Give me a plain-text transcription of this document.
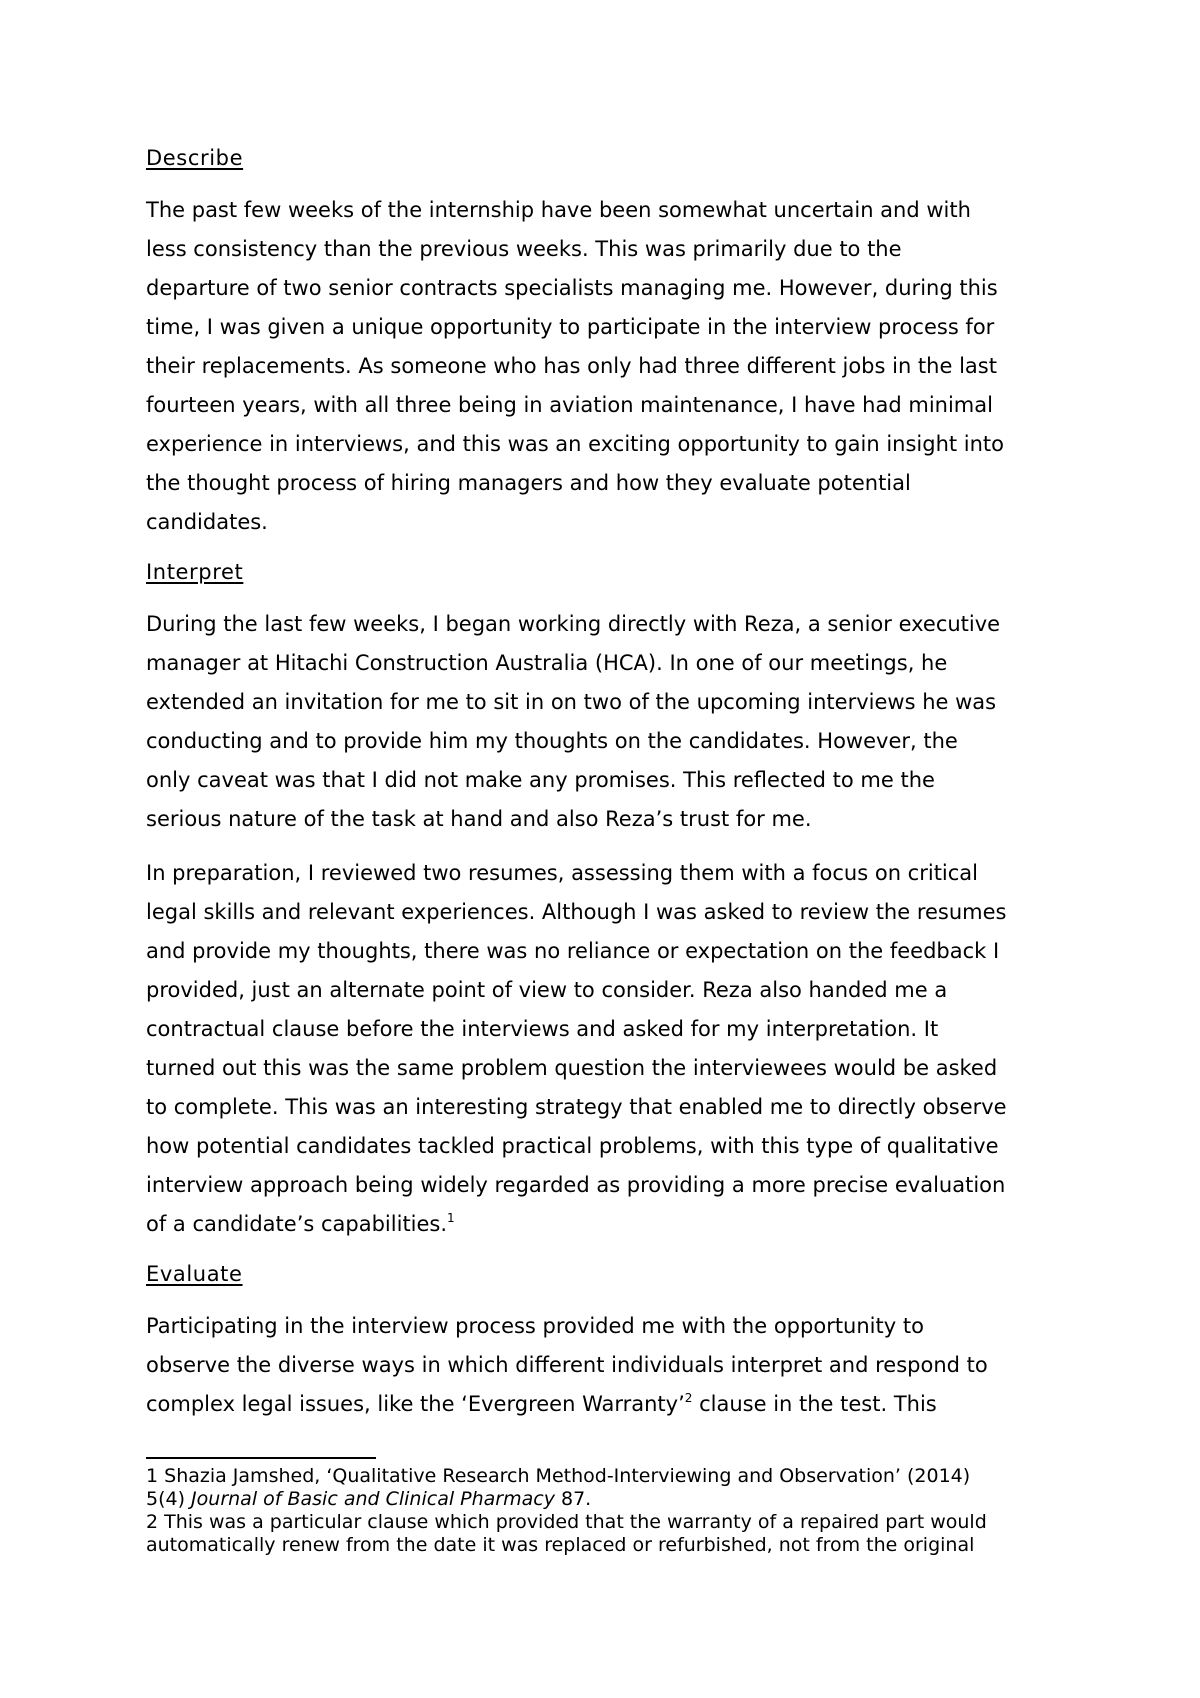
Describe
The past few weeks of the internship have been somewhat uncertain and with
less consistency than the previous weeks. This was primarily due to the
departure of two senior contracts specialists managing me. However, during this
time, I was given a unique opportunity to participate in the interview process for
their replacements. As someone who has only had three different jobs in the last
fourteen years, with all three being in aviation maintenance, I have had minimal
experience in interviews, and this was an exciting opportunity to gain insight into
the thought process of hiring managers and how they evaluate potential
candidates.
Interpret
During the last few weeks, I began working directly with Reza, a senior executive
manager at Hitachi Construction Australia (HCA). In one of our meetings, he
extended an invitation for me to sit in on two of the upcoming interviews he was
conducting and to provide him my thoughts on the candidates. However, the
only caveat was that I did not make any promises. This reflected to me the
serious nature of the task at hand and also Reza’s trust for me.
In preparation, I reviewed two resumes, assessing them with a focus on critical
legal skills and relevant experiences. Although I was asked to review the resumes
and provide my thoughts, there was no reliance or expectation on the feedback I
provided, just an alternate point of view to consider. Reza also handed me a
contractual clause before the interviews and asked for my interpretation. It
turned out this was the same problem question the interviewees would be asked
to complete. This was an interesting strategy that enabled me to directly observe
how potential candidates tackled practical problems, with this type of qualitative
interview approach being widely regarded as providing a more precise evaluation
of a candidate’s capabilities.$^1$
Evaluate
Participating in the interview process provided me with the opportunity to
observe the diverse ways in which different individuals interpret and respond to
complex legal issues, like the ‘Evergreen Warranty’$^2$ clause in the test. This

1 Shazia Jamshed, ‘Qualitative Research Method-Interviewing and Observation’ (2014)
5(4) Journal of Basic and Clinical Pharmacy 87.

2 This was a particular clause which provided that the warranty of a repaired part would
automatically renew from the date it was replaced or refurbished, not from the original
